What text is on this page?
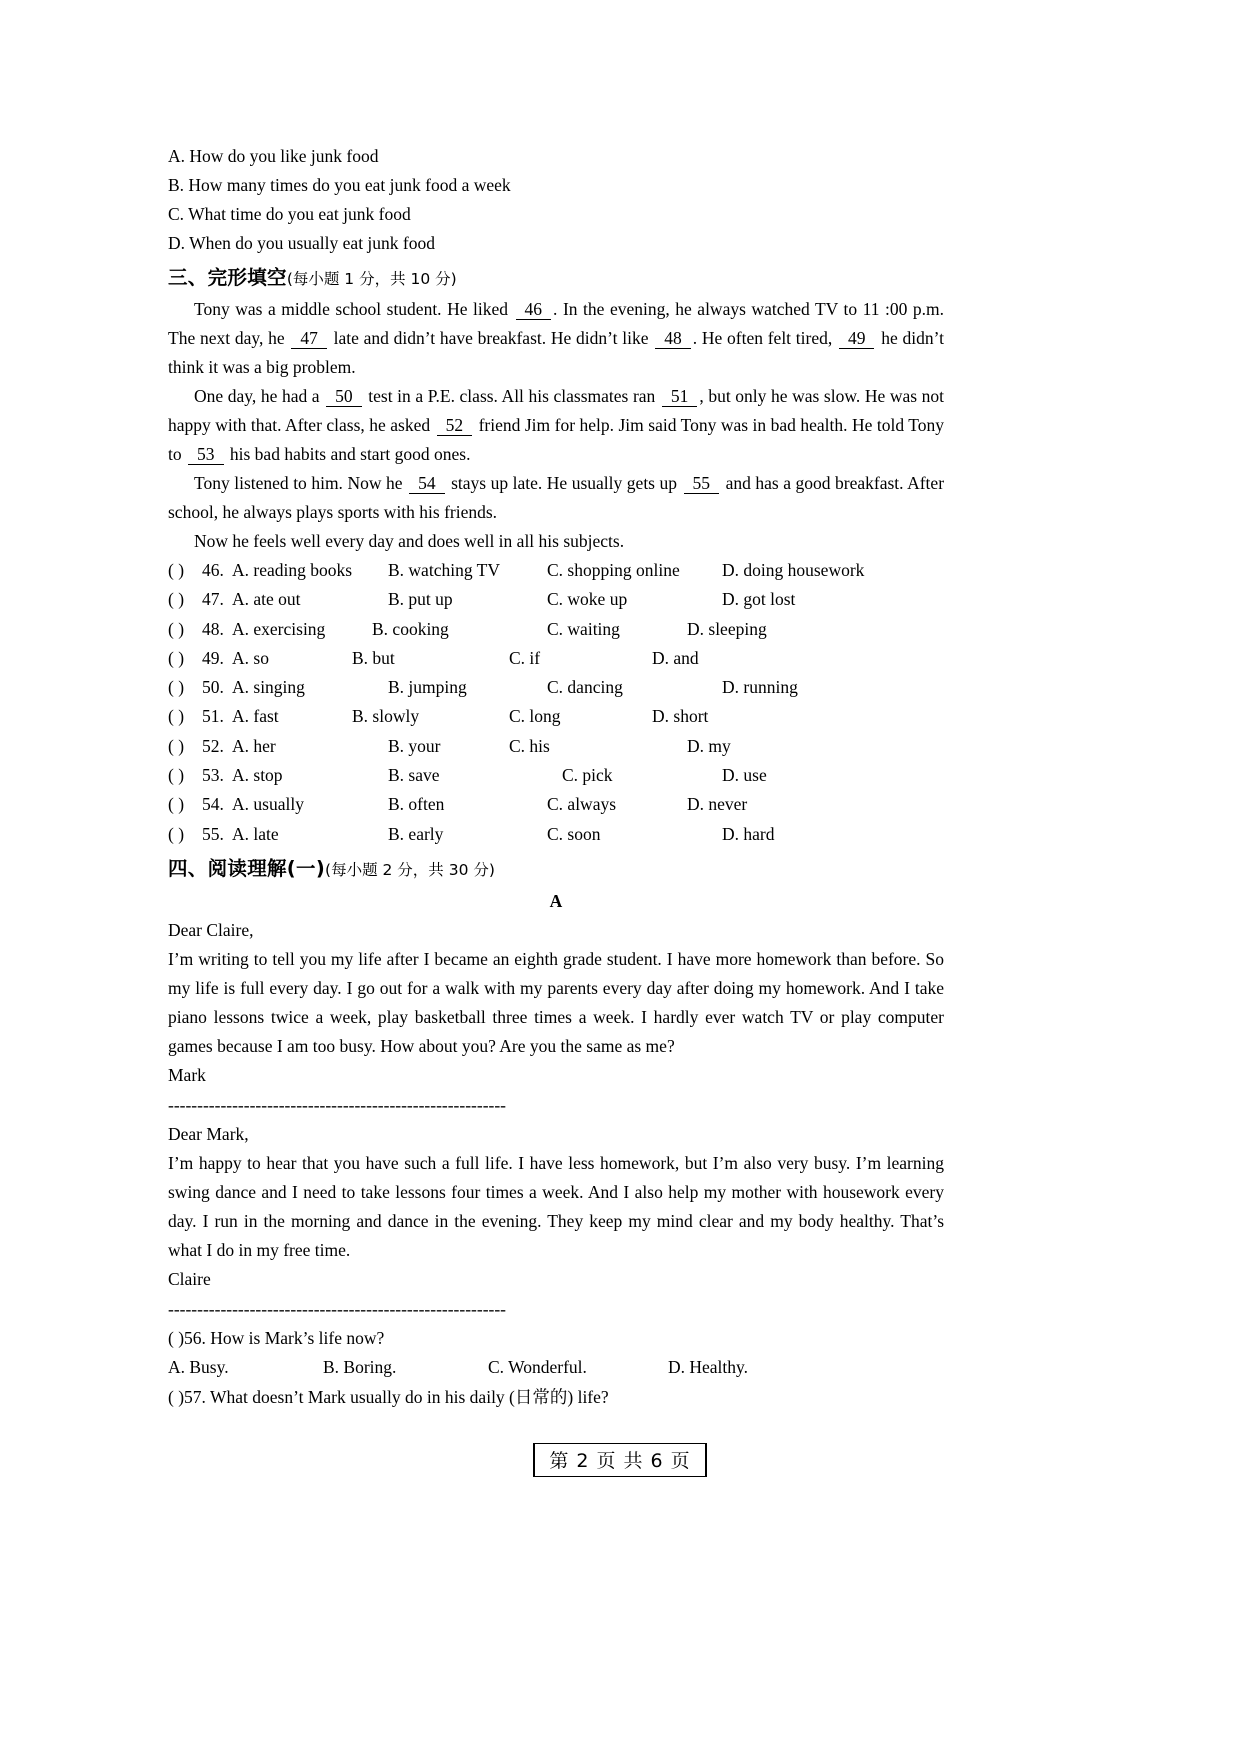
A. How do you like junk food
B. How many times do you eat junk food a week
C. What time do you eat junk food
D. When do you usually eat junk food
三、完形填空(每小题 1 分，共 10 分)
Tony was a middle school student. He liked 46 . In the evening, he always watched TV to 11 :00 p.m. The next day, he 47 late and didn’t have breakfast. He didn’t like 48 . He often felt tired, 49 he didn’t think it was a big problem.
One day, he had a 50 test in a P.E. class. All his classmates ran 51 , but only he was slow. He was not happy with that. After class, he asked 52 friend Jim for help. Jim said Tony was in bad health. He told Tony to 53 his bad habits and start good ones.
Tony listened to him. Now he 54 stays up late. He usually gets up 55 and has a good breakfast. After school, he always plays sports with his friends.
Now he feels well every day and does well in all his subjects.
( ) 46. A. reading books B. watching TV	C. shopping online D. doing housework
( ) 47. A. ate out	B. put up	C. woke up	D. got lost
( ) 48. A. exercising	B. cooking	C. waiting	D. sleeping
( ) 49. A. so	B. but	C. if	D. and
( ) 50. A. singing	B. jumping	C. dancing	D. running
( ) 51. A. fast	B. slowly	C. long	D. short
( ) 52. A. her	B. your	C. his	D. my
( ) 53. A. stop	B. save	C. pick	D. use
( ) 54. A. usually	B. often	C. always	D. never
( ) 55. A. late	B. early	C. soon	D. hard
四、阅读理解(一)(每小题 2 分，共 30 分)
A
Dear Claire,
I’m writing to tell you my life after I became an eighth grade student. I have more homework than before. So my life is full every day. I go out for a walk with my parents every day after doing my homework. And I take piano lessons twice a week, play basketball three times a week. I hardly ever watch TV or play computer games because I am too busy. How about you? Are you the same as me?
Mark
----------------------------------------------------------
Dear Mark,
I’m happy to hear that you have such a full life. I have less homework, but I’m also very busy. I’m learning swing dance and I need to take lessons four times a week. And I also help my mother with housework every day. I run in the morning and dance in the evening. They keep my mind clear and my body healthy. That’s what I do in my free time.
Claire
----------------------------------------------------------
( )56. How is Mark’s life now?
A. Busy.	B. Boring.	C. Wonderful.	D. Healthy.
( )57. What doesn’t Mark usually do in his daily (日常的) life?
第 2 页 共 6 页
